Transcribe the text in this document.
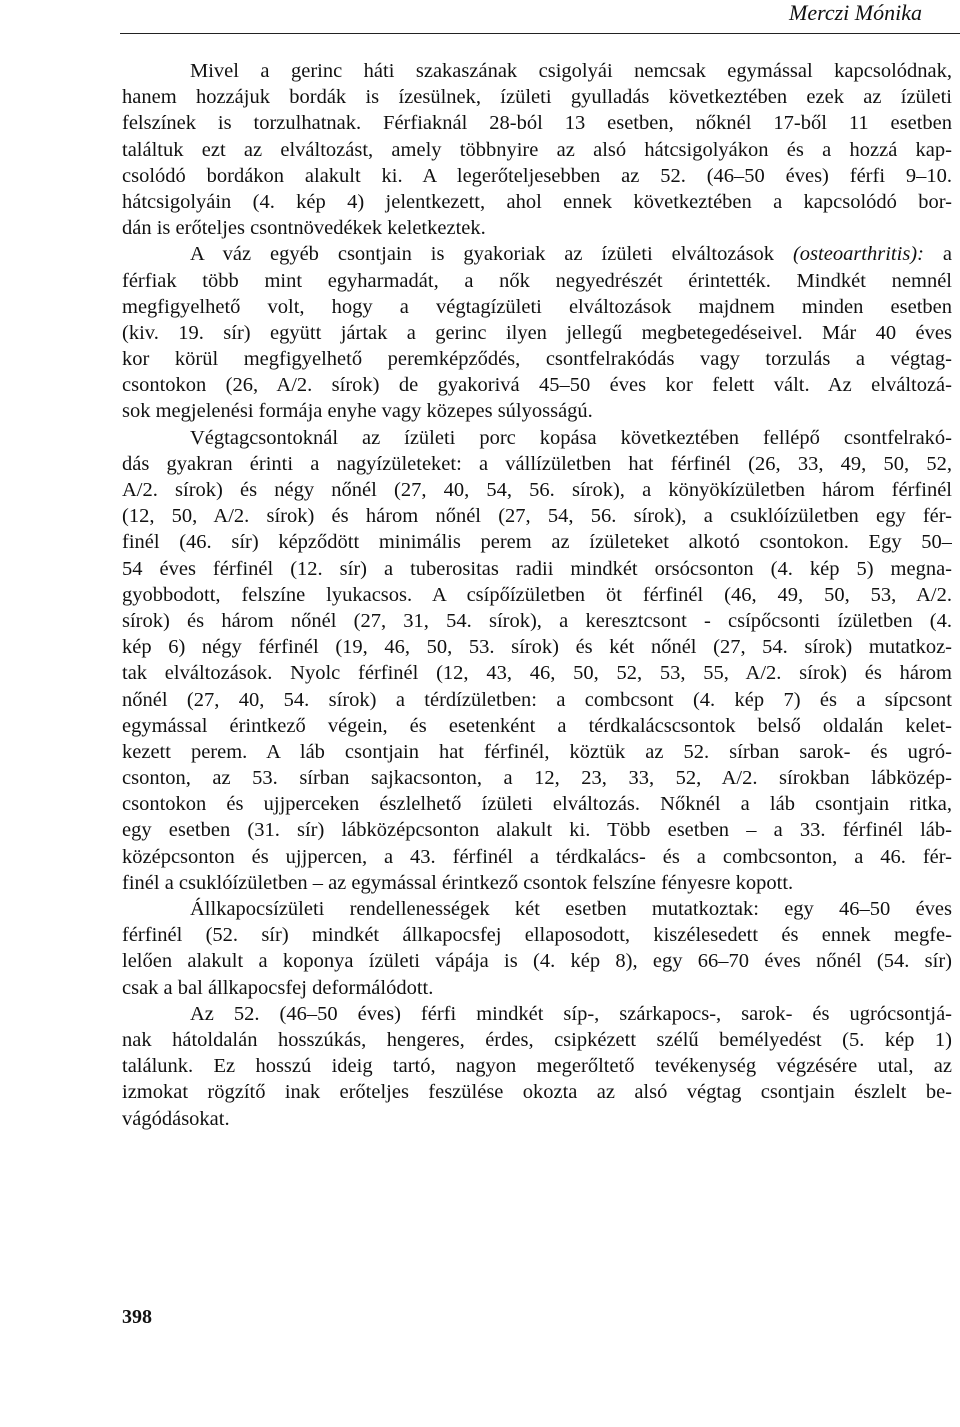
Merczi Mónika
Mivel a gerinc háti szakaszának csigolyái nemcsak egymással kapcsolódnak,
hanem hozzájuk bordák is ízesülnek, ízületi gyulladás következtében ezek az ízületi
felszínek is torzulhatnak. Férfiaknál 28-ból 13 esetben, nőknél 17-ből 11 esetben
találtuk ezt az elváltozást, amely többnyire az alsó hátcsigolyákon és a hozzá kap-
csolódó bordákon alakult ki. A legerőteljesebben az 52. (46–50 éves) férfi 9–10.
hátcsigolyáin (4. kép 4) jelentkezett, ahol ennek következtében a kapcsolódó bor-
dán is erőteljes csontnövedékek keletkeztek.
A váz egyéb csontjain is gyakoriak az ízületi elváltozások (osteoarthritis): a
férfiak több mint egyharmadát, a nők negyedrészét érintették. Mindkét nemnél
megfigyelhető volt, hogy a végtagízületi elváltozások majdnem minden esetben
(kiv. 19. sír) együtt jártak a gerinc ilyen jellegű megbetegedéseivel. Már 40 éves
kor körül megfigyelhető peremképződés, csontfelrakódás vagy torzulás a végtag-
csontokon (26, A/2. sírok) de gyakorivá 45–50 éves kor felett vált. Az elváltozá-
sok megjelenési formája enyhe vagy közepes súlyosságú.
Végtagcsontoknál az ízületi porc kopása következtében fellépő csontfelrakó-
dás gyakran érinti a nagyízületeket: a vállízületben hat férfinél (26, 33, 49, 50, 52,
A/2. sírok) és négy nőnél (27, 40, 54, 56. sírok), a könyökízületben három férfinél
(12, 50, A/2. sírok) és három nőnél (27, 54, 56. sírok), a csuklóízületben egy fér-
finél (46. sír) képződött minimális perem az ízületeket alkotó csontokon. Egy 50–
54 éves férfinél (12. sír) a tuberositas radii mindkét orsócsonton (4. kép 5) megna-
gyobbodott, felszíne lyukacsos. A csípőízületben öt férfinél (46, 49, 50, 53, A/2.
sírok) és három nőnél (27, 31, 54. sírok), a keresztcsont - csípőcsonti ízületben (4.
kép 6) négy férfinél (19, 46, 50, 53. sírok) és két nőnél (27, 54. sírok) mutatkoz-
tak elváltozások. Nyolc férfinél (12, 43, 46, 50, 52, 53, 55, A/2. sírok) és három
nőnél (27, 40, 54. sírok) a térdízületben: a combcsont (4. kép 7) és a sípcsont
egymással érintkező végein, és esetenként a térdkalácscsontok belső oldalán kelet-
kezett perem. A láb csontjain hat férfinél, köztük az 52. sírban sarok- és ugró-
csonton, az 53. sírban sajkacsonton, a 12, 23, 33, 52, A/2. sírokban lábközép-
csontokon és ujjperceken észlelhető ízületi elváltozás. Nőknél a láb csontjain ritka,
egy esetben (31. sír) lábközépcsonton alakult ki. Több esetben – a 33. férfinél láb-
középcsonton és ujjpercen, a 43. férfinél a térdkalács- és a combcsonton, a 46. fér-
finél a csuklóízületben – az egymással érintkező csontok felszíne fényesre kopott.
Állkapocsízületi rendellenességek két esetben mutatkoztak: egy 46–50 éves
férfinél (52. sír) mindkét állkapocsfej ellaposodott, kiszélesedett és ennek megfe-
lelően alakult a koponya ízületi vápája is (4. kép 8), egy 66–70 éves nőnél (54. sír)
csak a bal állkapocsfej deformálódott.
Az 52. (46–50 éves) férfi mindkét síp-, szárkapocs-, sarok- és ugrócsontjá-
nak hátoldalán hosszúkás, hengeres, érdes, csipkézett szélű bemélyedést (5. kép 1)
találunk. Ez hosszú ideig tartó, nagyon megerőltető tevékenység végzésére utal, az
izmokat rögzítő inak erőteljes feszülése okozta az alsó végtag csontjain észlelt be-
vágódásokat.
398
